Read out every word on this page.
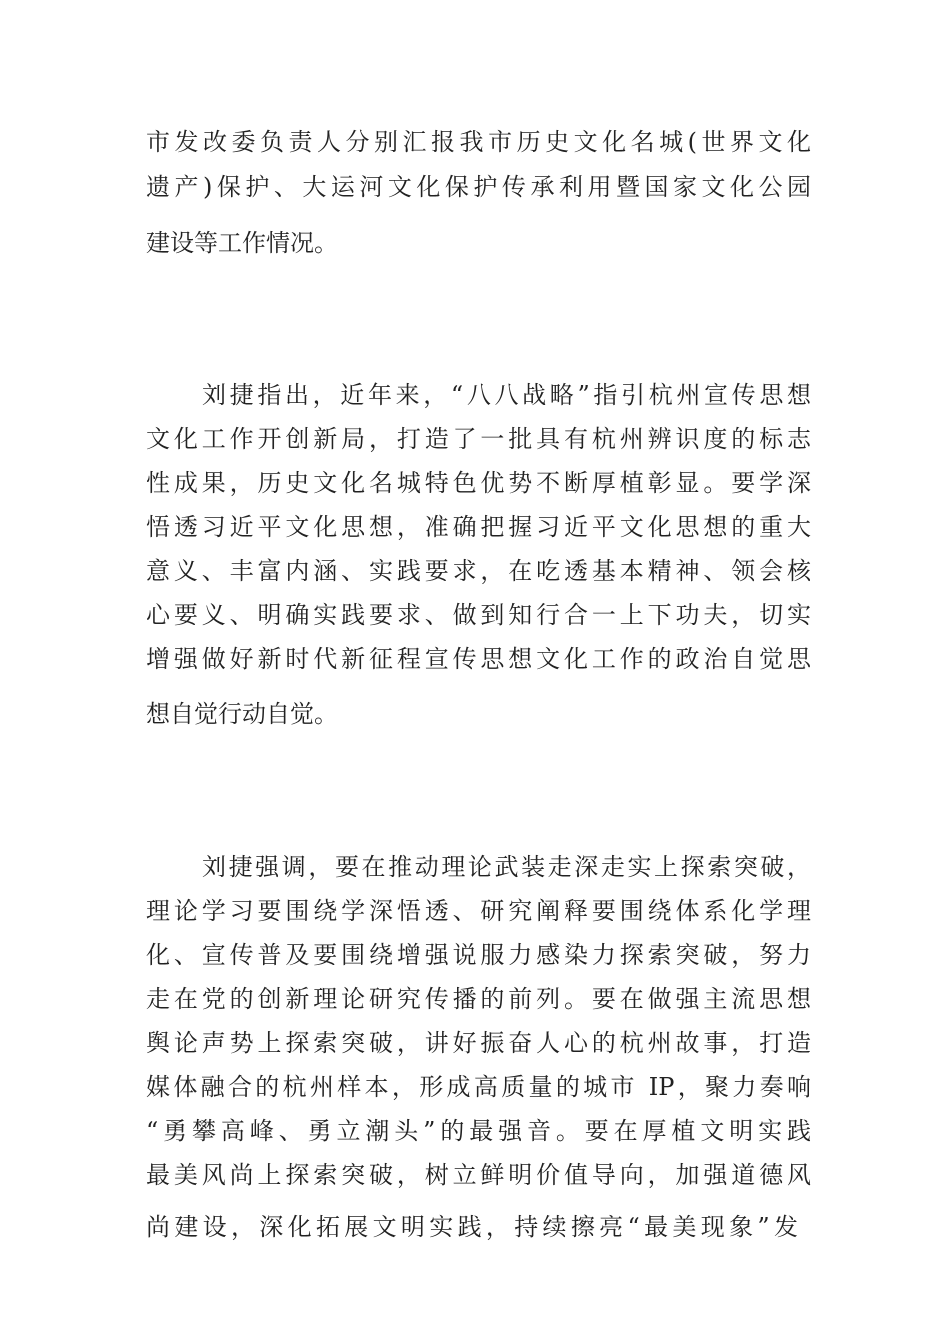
市发改委负责人分别汇报我市历史文化名城(世界文化
遗产)保护、大运河文化保护传承利用暨国家文化公园
建设等工作情况。
刘捷指出，近年来，“八八战略”指引杭州宣传思想
文化工作开创新局，打造了一批具有杭州辨识度的标志
性成果，历史文化名城特色优势不断厚植彰显。要学深
悟透习近平文化思想，准确把握习近平文化思想的重大
意义、丰富内涵、实践要求，在吃透基本精神、领会核
心要义、明确实践要求、做到知行合一上下功夫，切实
增强做好新时代新征程宣传思想文化工作的政治自觉思
想自觉行动自觉。
刘捷强调，要在推动理论武装走深走实上探索突破，
理论学习要围绕学深悟透、研究阐释要围绕体系化学理
化、宣传普及要围绕增强说服力感染力探索突破，努力
走在党的创新理论研究传播的前列。要在做强主流思想
舆论声势上探索突破，讲好振奋人心的杭州故事，打造
媒体融合的杭州样本，形成高质量的城市 IP，聚力奏响
“勇攀高峰、勇立潮头”的最强音。要在厚植文明实践
最美风尚上探索突破，树立鲜明价值导向，加强道德风
尚建设，深化拓展文明实践，持续擦亮“最美现象”发
